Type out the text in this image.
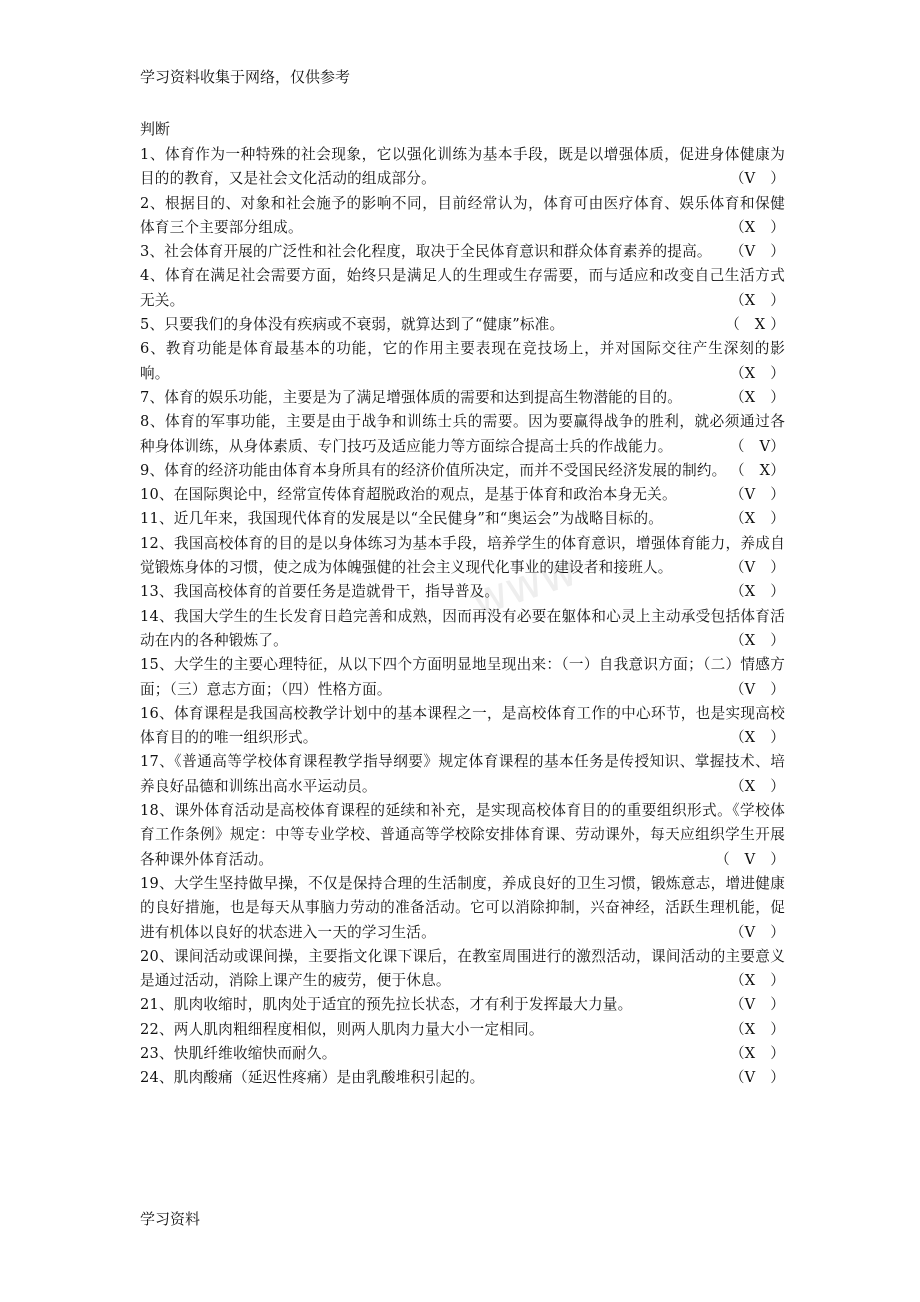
学习资料收集于网络，仅供参考
判断
www

1、体育作为一种特殊的社会现象，它以强化训练为基本手段，既是以增强体质，促进身体健康为目的的教育，又是社会文化活动的组成部分。	（V　）

2、根据目的、对象和社会施予的影响不同，目前经常认为，体育可由医疗体育、娱乐体育和保健体育三个主要部分组成。	（X　）

3、社会体育开展的广泛性和社会化程度，取决于全民体育意识和群众体育素养的提高。 （V　）

4、体育在满足社会需要方面，始终只是满足人的生理或生存需要，而与适应和改变自己生活方式无关。	（X　）

5、只要我们的身体没有疾病或不衰弱，就算达到了“健康”标准。	（　X ）

6、教育功能是体育最基本的功能，它的作用主要表现在竞技场上，并对国际交往产生深刻的影响。	（X　）

7、体育的娱乐功能，主要是为了满足增强体质的需要和达到提高生物潜能的目的。	（X　）

8、体育的军事功能，主要是由于战争和训练士兵的需要。因为要赢得战争的胜利，就必须通过各种身体训练，从身体素质、专门技巧及适应能力等方面综合提高士兵的作战能力。	（　V）

9、体育的经济功能由体育本身所具有的经济价值所决定，而并不受国民经济发展的制约。 （　X）

10、在国际舆论中，经常宣传体育超脱政治的观点，是基于体育和政治本身无关。	（V　）

11、近几年来，我国现代体育的发展是以“全民健身”和“奥运会”为战略目标的。	（X　）

12、我国高校体育的目的是以身体练习为基本手段，培养学生的体育意识，增强体育能力，养成自觉锻炼身体的习惯，使之成为体魄强健的社会主义现代化事业的建设者和接班人。	（V　）

13、我国高校体育的首要任务是造就骨干，指导普及。	（X　）

14、我国大学生的生长发育日趋完善和成熟，因而再没有必要在躯体和心灵上主动承受包括体育活动在内的各种锻炼了。	（X　）

15、大学生的主要心理特征，从以下四个方面明显地呈现出来：（一）自我意识方面；（二）情感方面；（三）意志方面；（四）性格方面。	（V　）

16、体育课程是我国高校教学计划中的基本课程之一，是高校体育工作的中心环节，也是实现高校体育目的的唯一组织形式。	（X　）

17、《普通高等学校体育课程教学指导纲要》规定体育课程的基本任务是传授知识、掌握技术、培养良好品德和训练出高水平运动员。	（X　）

18、课外体育活动是高校体育课程的延续和补充，是实现高校体育目的的重要组织形式。《学校体育工作条例》规定：中等专业学校、普通高等学校除安排体育课、劳动课外，每天应组织学生开展各种课外体育活动。	（　V　）

19、大学生坚持做早操，不仅是保持合理的生活制度，养成良好的卫生习惯，锻炼意志，增进健康的良好措施，也是每天从事脑力劳动的准备活动。它可以消除抑制，兴奋神经，活跃生理机能，促进有机体以良好的状态进入一天的学习生活。	（V　）

20、课间活动或课间操，主要指文化课下课后，在教室周围进行的激烈活动，课间活动的主要意义是通过活动，消除上课产生的疲劳，便于休息。	（X　）

21、肌肉收缩时，肌肉处于适宜的预先拉长状态，才有利于发挥最大力量。	（V　）

22、两人肌肉粗细程度相似，则两人肌肉力量大小一定相同。	（X　）

23、快肌纤维收缩快而耐久。	（X　）

24、肌肉酸痛（延迟性疼痛）是由乳酸堆积引起的。	（V　）

学习资料
